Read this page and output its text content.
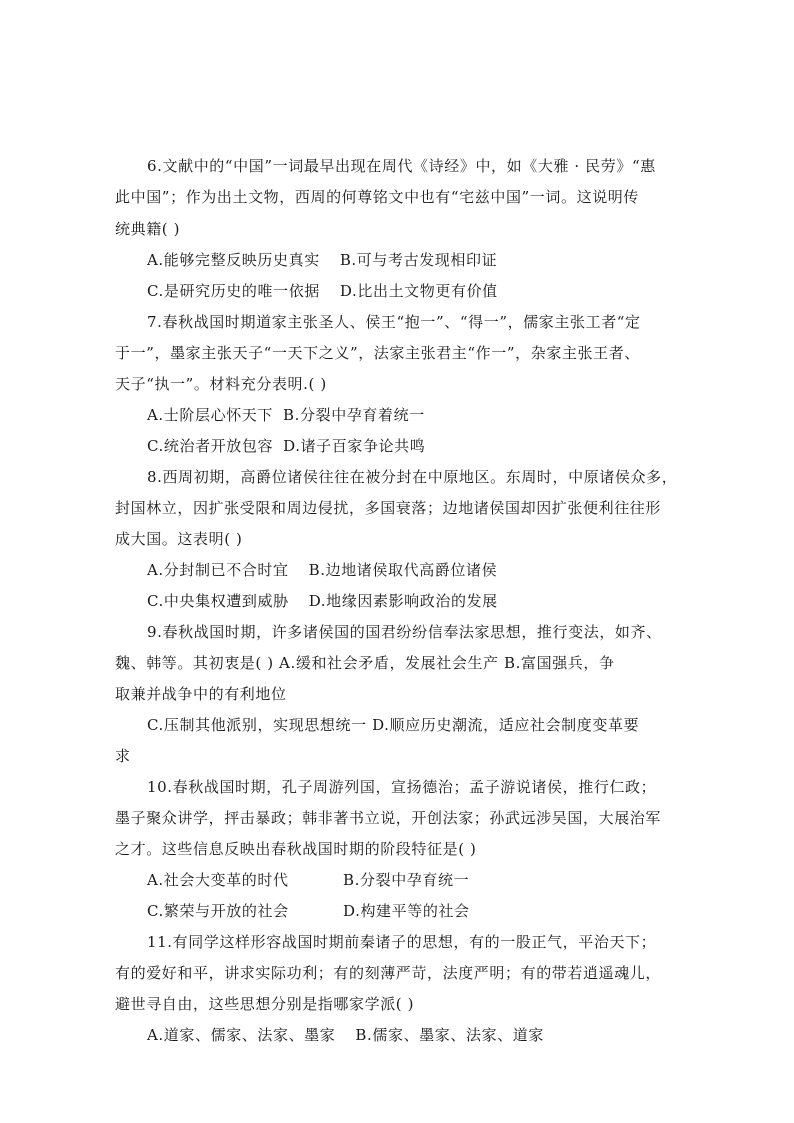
6.文献中的“中国”一词最早出现在周代《诗经》中，如《大雅 · 民劳》“惠
此中国”；作为出土文物，西周的何尊铭文中也有“宅兹中国”一词。这说明传
统典籍( )
A.能够完整反映历史真实 B.可与考古发现相印证
C.是研究历史的唯一依据 D.比出土文物更有价值
7.春秋战国时期道家主张圣人、侯王“抱一”、“得一”，儒家主张工者“定
于一”，墨家主张天子“一天下之义”，法家主张君主“作一”，杂家主张王者、
天子“执一”。材料充分表明.( )
A.士阶层心怀天下 B.分裂中孕育着统一
C.统治者开放包容 D.诸子百家争论共鸣
8.西周初期，高爵位诸侯往往在被分封在中原地区。东周时，中原诸侯众多，
封国林立，因扩张受限和周边侵扰，多国衰落；边地诸侯国却因扩张便利往往形
成大国。这表明( )
A.分封制已不合时宜 B.边地诸侯取代高爵位诸侯
C.中央集权遭到威胁 D.地缘因素影响政治的发展
9.春秋战国时期，许多诸侯国的国君纷纷信奉法家思想，推行变法，如齐、
魏、韩等。其初衷是( ) A.缓和社会矛盾，发展社会生产 B.富国强兵，争
取兼并战争中的有利地位
C.压制其他派别，实现思想统一 D.顺应历史潮流，适应社会制度变革要
求
10.春秋战国时期，孔子周游列国，宣扬德治；孟子游说诸侯，推行仁政；
墨子聚众讲学，抨击暴政；韩非著书立说，开创法家；孙武远涉吴国，大展治军
之才。这些信息反映出春秋战国时期的阶段特征是( )
A.社会大变革的时代	B.分裂中孕育统一
C.繁荣与开放的社会	D.构建平等的社会
11.有同学这样形容战国时期前秦诸子的思想，有的一股正气，平治天下；
有的爱好和平，讲求实际功利；有的刻薄严苛，法度严明；有的带若逍遥魂儿，
避世寻自由，这些思想分别是指哪家学派( )
A.道家、儒家、法家、墨家 B.儒家、墨家、法家、道家
